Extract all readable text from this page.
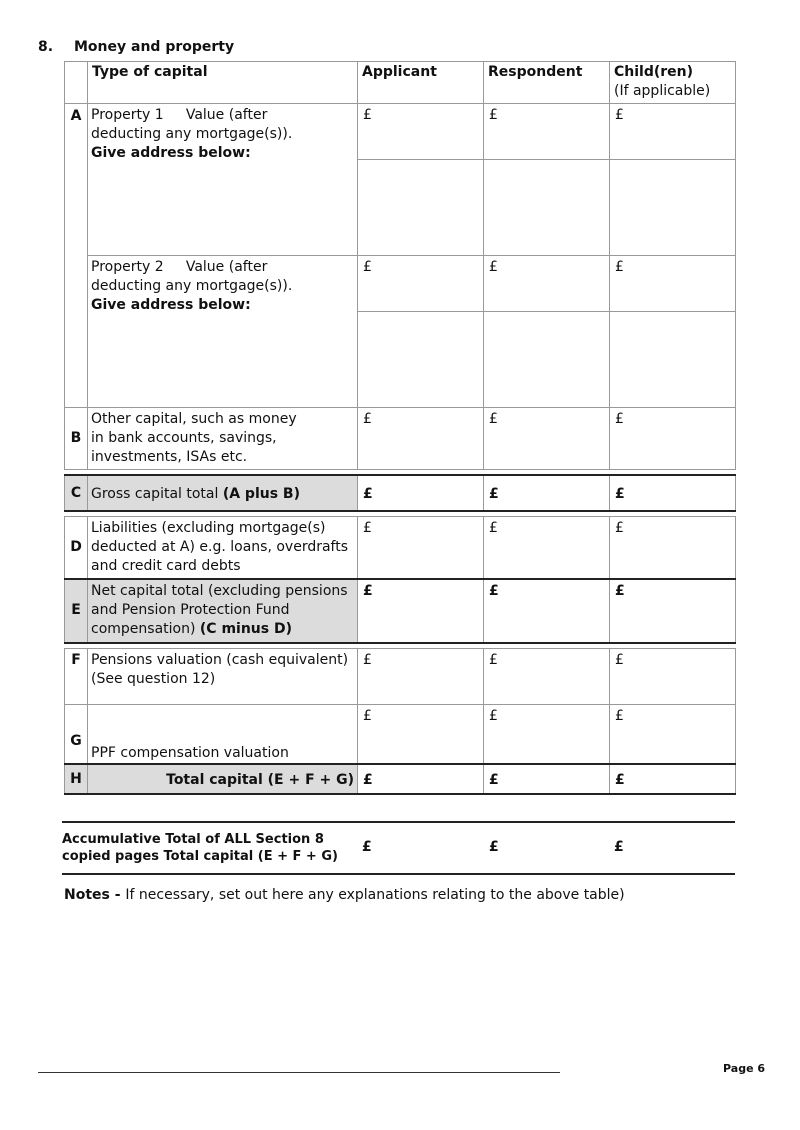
8. Money and property
	Type of capital	Applicant	Respondent	Child(ren)
(If applicable)
A	Property 1     Value (after
deducting any mortgage(s)).
Give address below:	£	£	£

	Property 2     Value (after
deducting any mortgage(s)).
Give address below:	£	£	£

B	Other capital, such as money
in bank accounts, savings,
investments, ISAs etc.	£	£	£

C	Gross capital total (A plus B)	£	£	£

D	Liabilities (excluding mortgage(s)
deducted at A) e.g. loans, overdrafts
and credit card debts	£	£	£
E	Net capital total (excluding pensions
and Pension Protection Fund
compensation) (C minus D)	£	£	£

F	Pensions valuation (cash equivalent)
(See question 12)	£	£	£
G	PPF compensation valuation	£	£	£
H	Total capital (E + F + G)	£	£	£
Accumulative Total of ALL Section 8
copied pages Total capital (E + F + G)
£	£	£
Notes - If necessary, set out here any explanations relating to the above table)
Page 6
